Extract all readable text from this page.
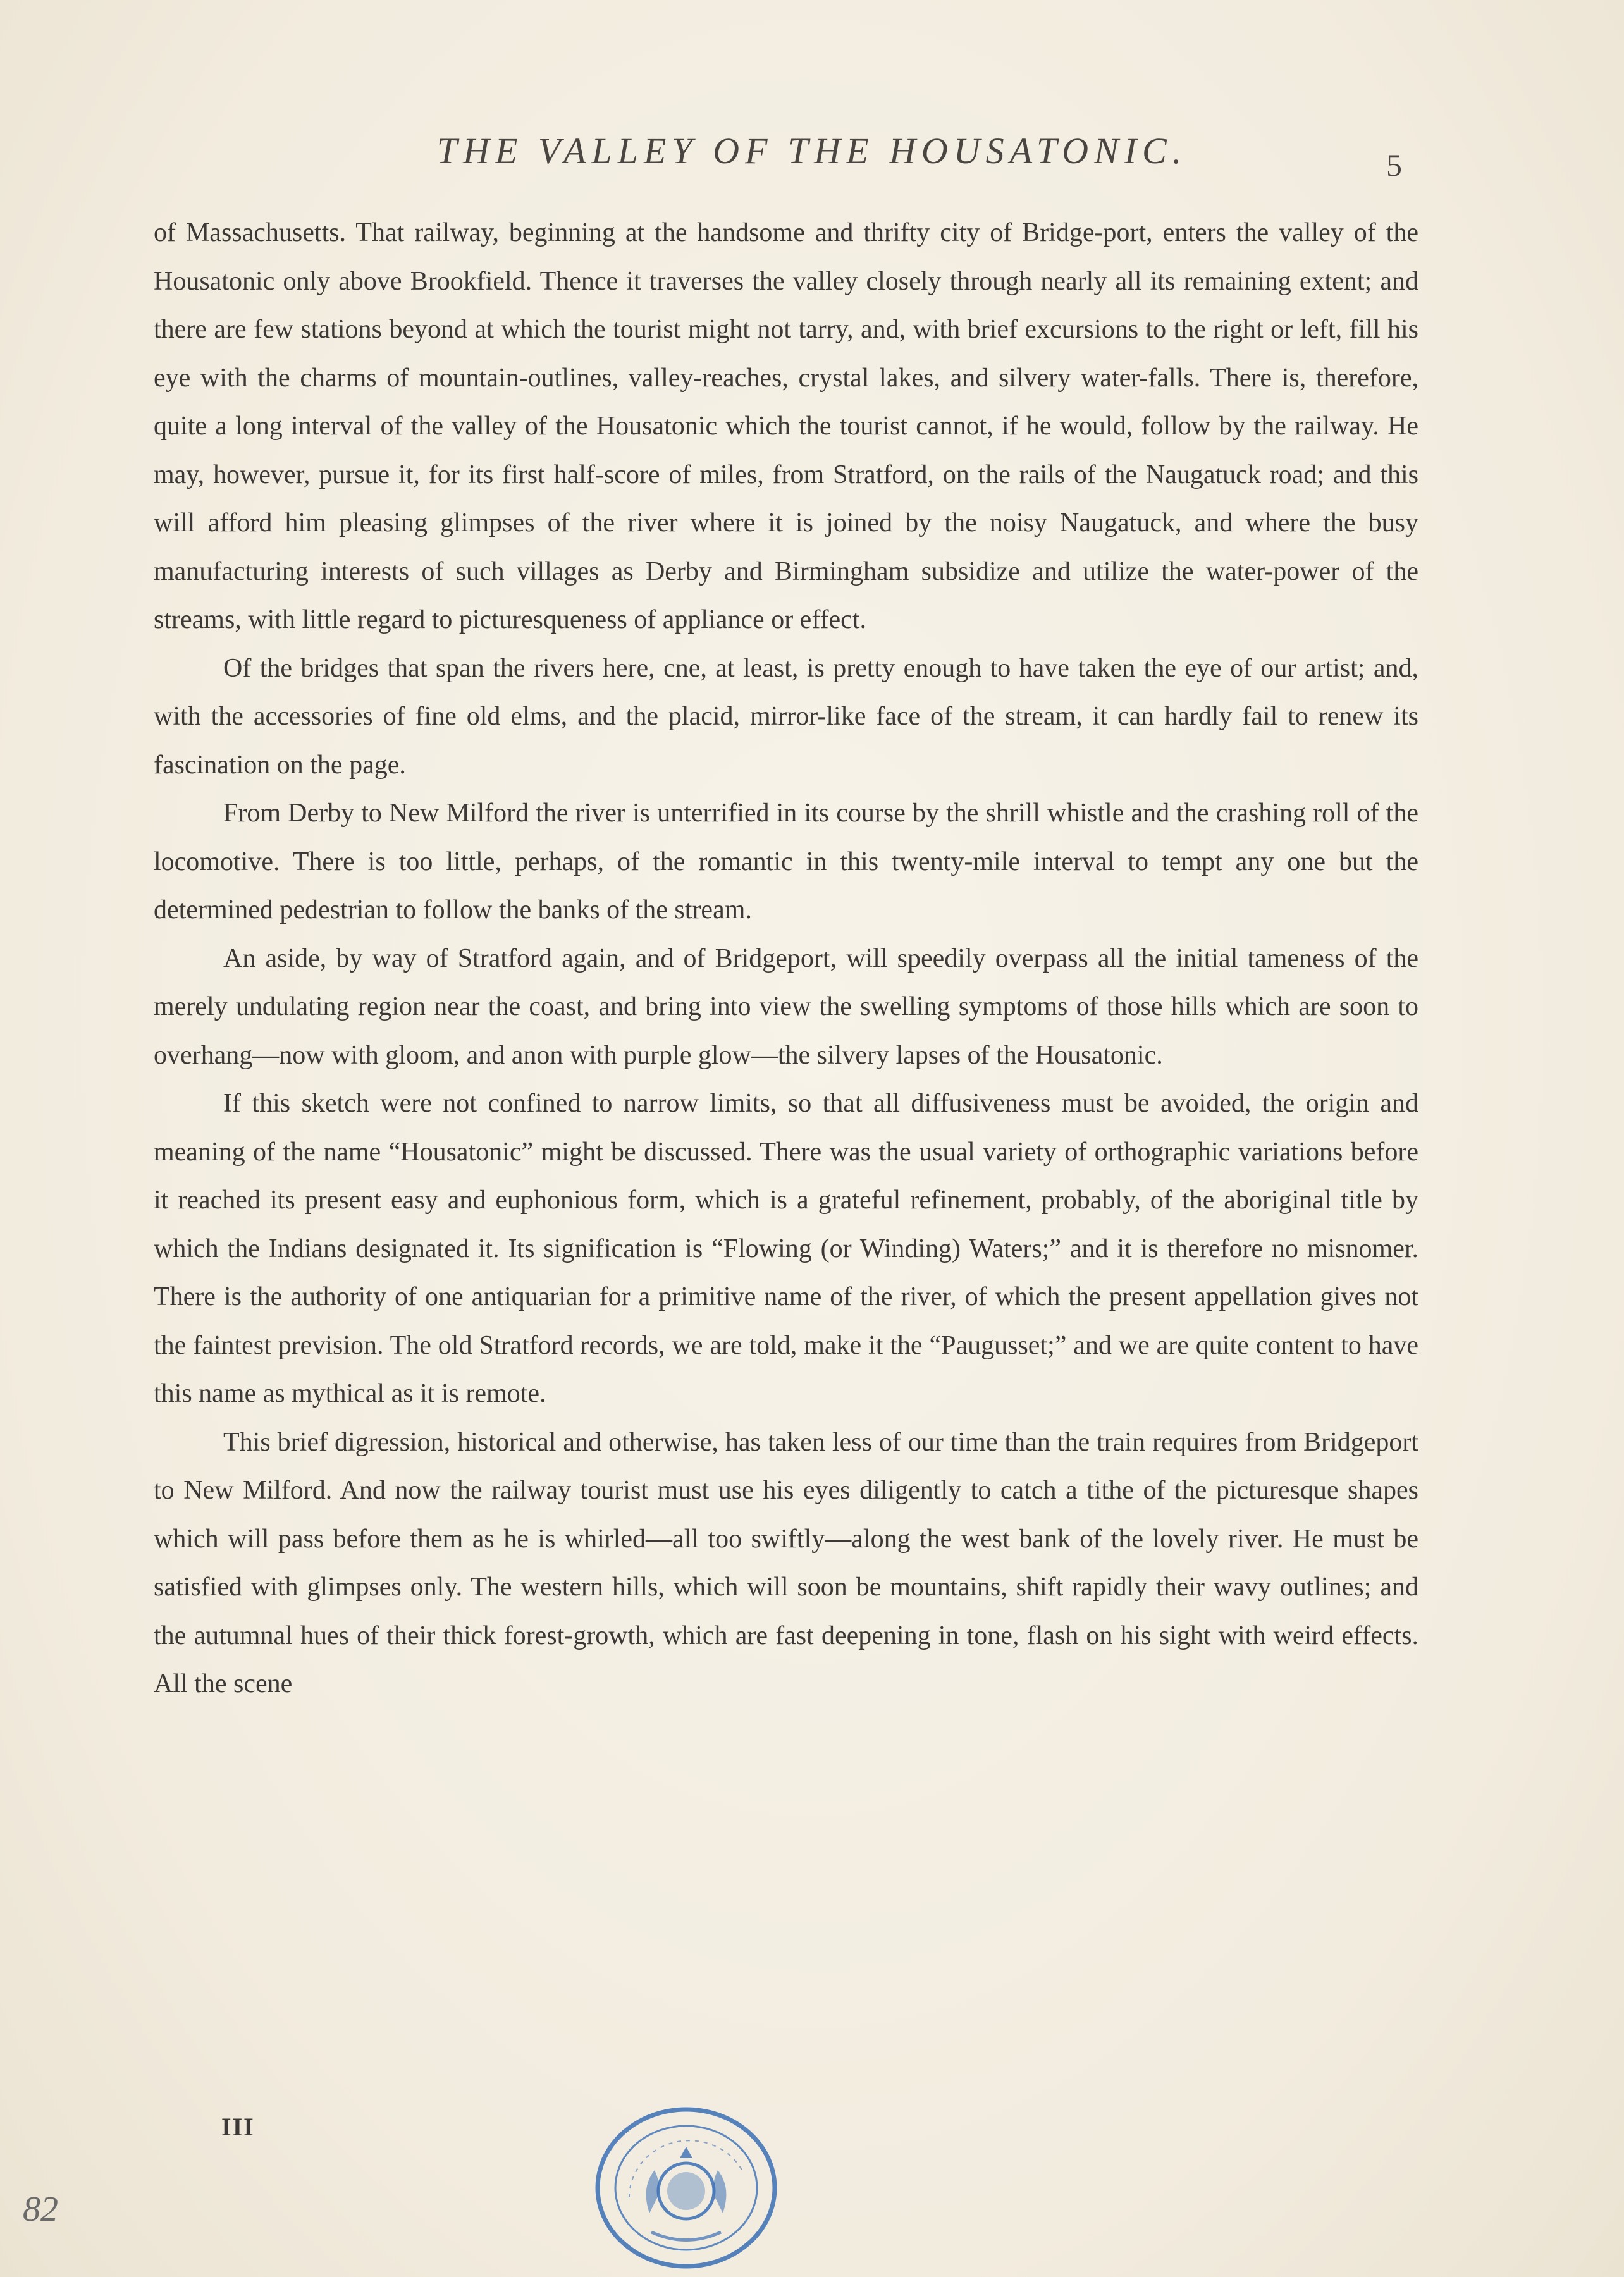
THE VALLEY OF THE HOUSATONIC.	5

of Massachusetts. That railway, beginning at the handsome and thrifty city of Bridge-port, enters the valley of the Housatonic only above Brookfield. Thence it traverses the valley closely through nearly all its remaining extent; and there are few stations beyond at which the tourist might not tarry, and, with brief excursions to the right or left, fill his eye with the charms of mountain-outlines, valley-reaches, crystal lakes, and silvery water-falls. There is, therefore, quite a long interval of the valley of the Housatonic which the tourist cannot, if he would, follow by the railway. He may, however, pursue it, for its first half-score of miles, from Stratford, on the rails of the Naugatuck road; and this will afford him pleasing glimpses of the river where it is joined by the noisy Naugatuck, and where the busy manufacturing interests of such villages as Derby and Birmingham subsidize and utilize the water-power of the streams, with little regard to picturesqueness of appliance or effect.

Of the bridges that span the rivers here, cne, at least, is pretty enough to have taken the eye of our artist; and, with the accessories of fine old elms, and the placid, mirror-like face of the stream, it can hardly fail to renew its fascination on the page.

From Derby to New Milford the river is unterrified in its course by the shrill whistle and the crashing roll of the locomotive. There is too little, perhaps, of the romantic in this twenty-mile interval to tempt any one but the determined pedestrian to follow the banks of the stream.

An aside, by way of Stratford again, and of Bridgeport, will speedily overpass all the initial tameness of the merely undulating region near the coast, and bring into view the swelling symptoms of those hills which are soon to overhang—now with gloom, and anon with purple glow—the silvery lapses of the Housatonic.

If this sketch were not confined to narrow limits, so that all diffusiveness must be avoided, the origin and meaning of the name “Housatonic” might be discussed. There was the usual variety of orthographic variations before it reached its present easy and euphonious form, which is a grateful refinement, probably, of the aboriginal title by which the Indians designated it. Its signification is “Flowing (or Winding) Waters;” and it is therefore no misnomer. There is the authority of one antiquarian for a primitive name of the river, of which the present appellation gives not the faintest prevision. The old Stratford records, we are told, make it the “Paugusset;” and we are quite content to have this name as mythical as it is remote.

This brief digression, historical and otherwise, has taken less of our time than the train requires from Bridgeport to New Milford. And now the railway tourist must use his eyes diligently to catch a tithe of the picturesque shapes which will pass before them as he is whirled—all too swiftly—along the west bank of the lovely river. He must be satisfied with glimpses only. The western hills, which will soon be mountains, shift rapidly their wavy outlines; and the autumnal hues of their thick forest-growth, which are fast deepening in tone, flash on his sight with weird effects. All the scene

III
82
